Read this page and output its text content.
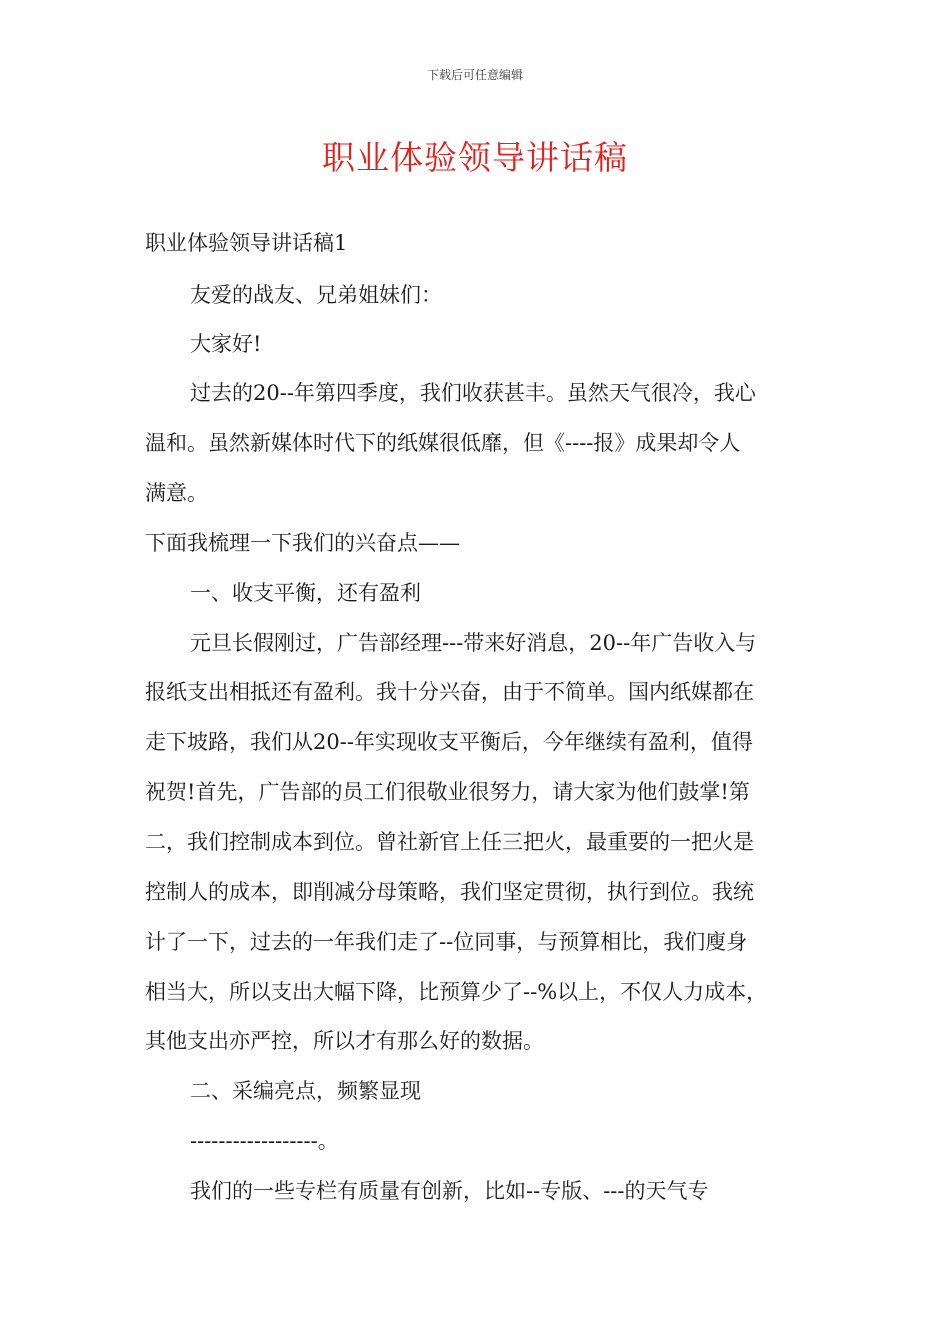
下载后可任意编辑
职业体验领导讲话稿
职业体验领导讲话稿1
友爱的战友、兄弟姐妹们：
大家好!
过去的20--年第四季度，我们收获甚丰。虽然天气很冷，我心
温和。虽然新媒体时代下的纸媒很低靡，但《----报》成果却令人
满意。
下面我梳理一下我们的兴奋点——
一、收支平衡，还有盈利
元旦长假刚过，广告部经理---带来好消息，20--年广告收入与
报纸支出相抵还有盈利。我十分兴奋，由于不简单。国内纸媒都在
走下坡路，我们从20--年实现收支平衡后，今年继续有盈利，值得
祝贺!首先，广告部的员工们很敬业很努力，请大家为他们鼓掌!第
二，我们控制成本到位。曾社新官上任三把火，最重要的一把火是
控制人的成本，即削减分母策略，我们坚定贯彻，执行到位。我统
计了一下，过去的一年我们走了--位同事，与预算相比，我们廋身
相当大，所以支出大幅下降，比预算少了--%以上，不仅人力成本，
其他支出亦严控，所以才有那么好的数据。
二、采编亮点，频繁显现
------------------。
我们的一些专栏有质量有创新，比如--专版、---的天气专
